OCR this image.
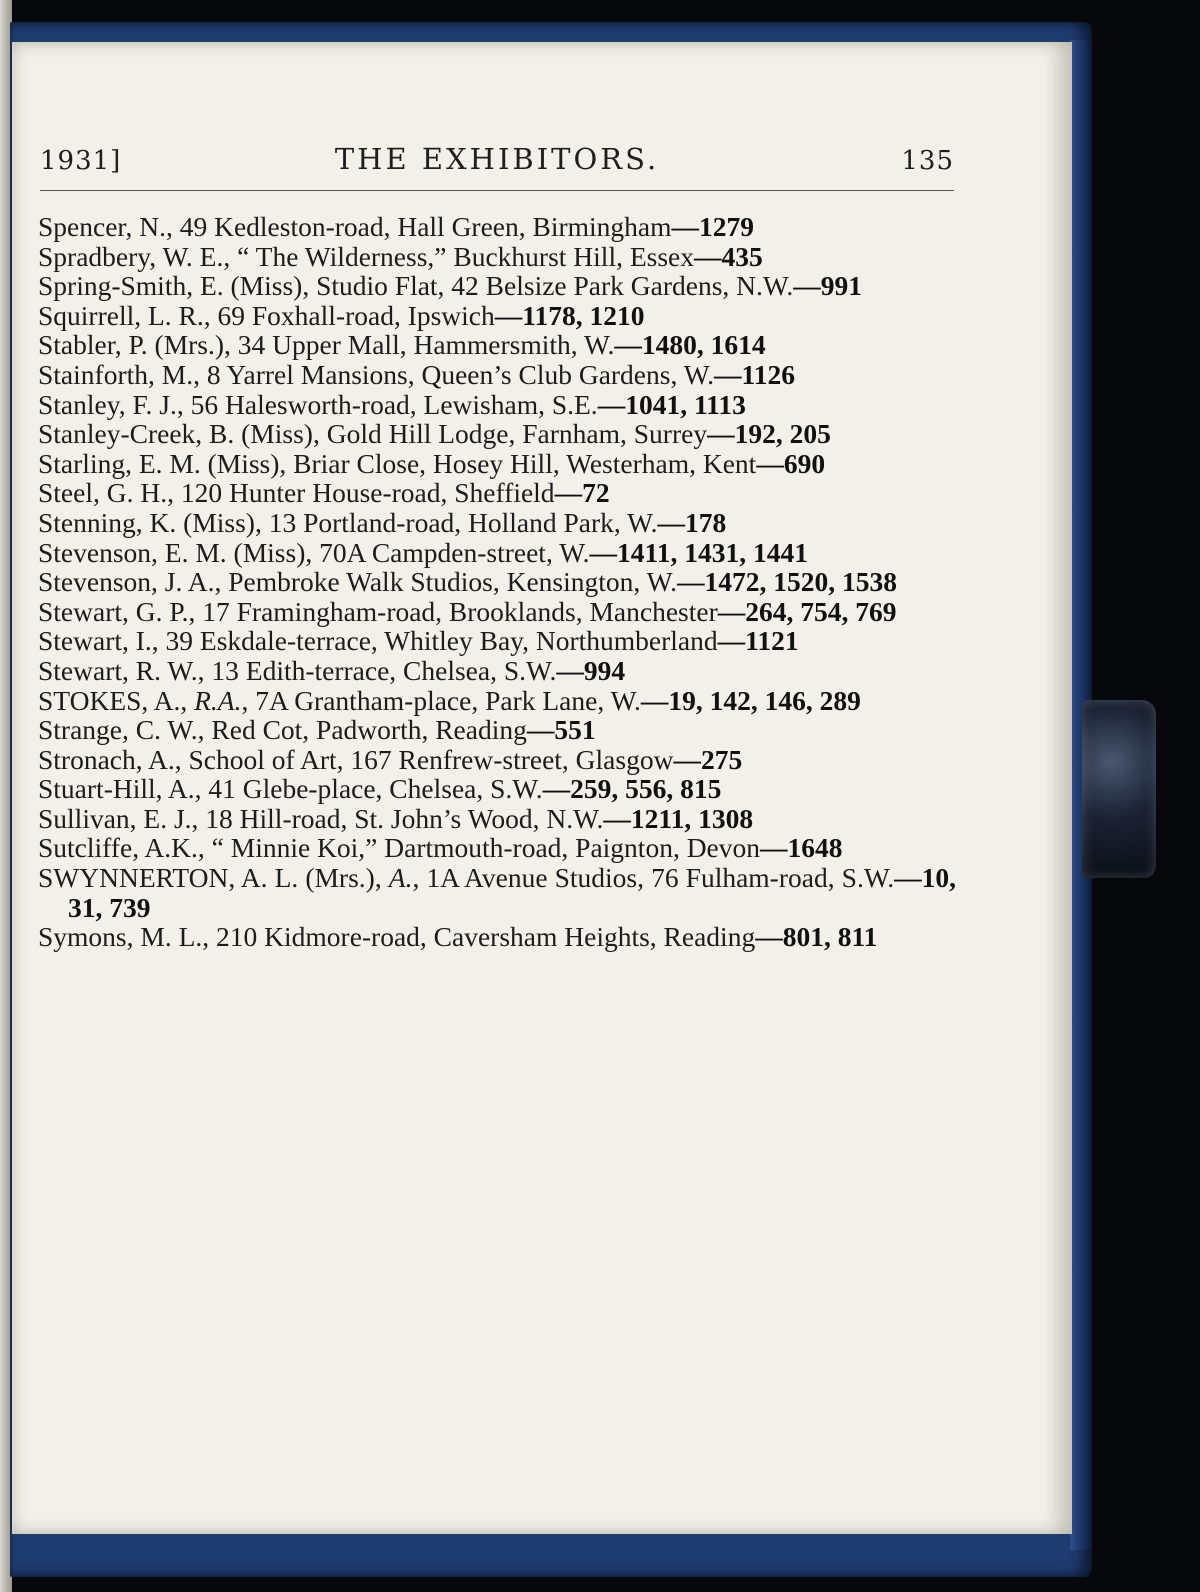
1931]	THE EXHIBITORS.	135
Spencer, N., 49 Kedleston-road, Hall Green, Birmingham—1279
Spradbery, W. E., “ The Wilderness,” Buckhurst Hill, Essex—435
Spring-Smith, E. (Miss), Studio Flat, 42 Belsize Park Gardens, N.W.—991
Squirrell, L. R., 69 Foxhall-road, Ipswich—1178, 1210
Stabler, P. (Mrs.), 34 Upper Mall, Hammersmith, W.—1480, 1614
Stainforth, M., 8 Yarrel Mansions, Queen’s Club Gardens, W.—1126
Stanley, F. J., 56 Halesworth-road, Lewisham, S.E.—1041, 1113
Stanley-Creek, B. (Miss), Gold Hill Lodge, Farnham, Surrey—192, 205
Starling, E. M. (Miss), Briar Close, Hosey Hill, Westerham, Kent—690
Steel, G. H., 120 Hunter House-road, Sheffield—72
Stenning, K. (Miss), 13 Portland-road, Holland Park, W.—178
Stevenson, E. M. (Miss), 70A Campden-street, W.—1411, 1431, 1441
Stevenson, J. A., Pembroke Walk Studios, Kensington, W.—1472, 1520, 1538
Stewart, G. P., 17 Framingham-road, Brooklands, Manchester—264, 754, 769
Stewart, I., 39 Eskdale-terrace, Whitley Bay, Northumberland—1121
Stewart, R. W., 13 Edith-terrace, Chelsea, S.W.—994
STOKES, A., R.A., 7A Grantham-place, Park Lane, W.—19, 142, 146, 289
Strange, C. W., Red Cot, Padworth, Reading—551
Stronach, A., School of Art, 167 Renfrew-street, Glasgow—275
Stuart-Hill, A., 41 Glebe-place, Chelsea, S.W.—259, 556, 815
Sullivan, E. J., 18 Hill-road, St. John’s Wood, N.W.—1211, 1308
Sutcliffe, A.K., “ Minnie Koi,” Dartmouth-road, Paignton, Devon—1648
SWYNNERTON, A. L. (Mrs.), A., 1A Avenue Studios, 76 Fulham-road, S.W.—10, 31, 739
Symons, M. L., 210 Kidmore-road, Caversham Heights, Reading—801, 811
